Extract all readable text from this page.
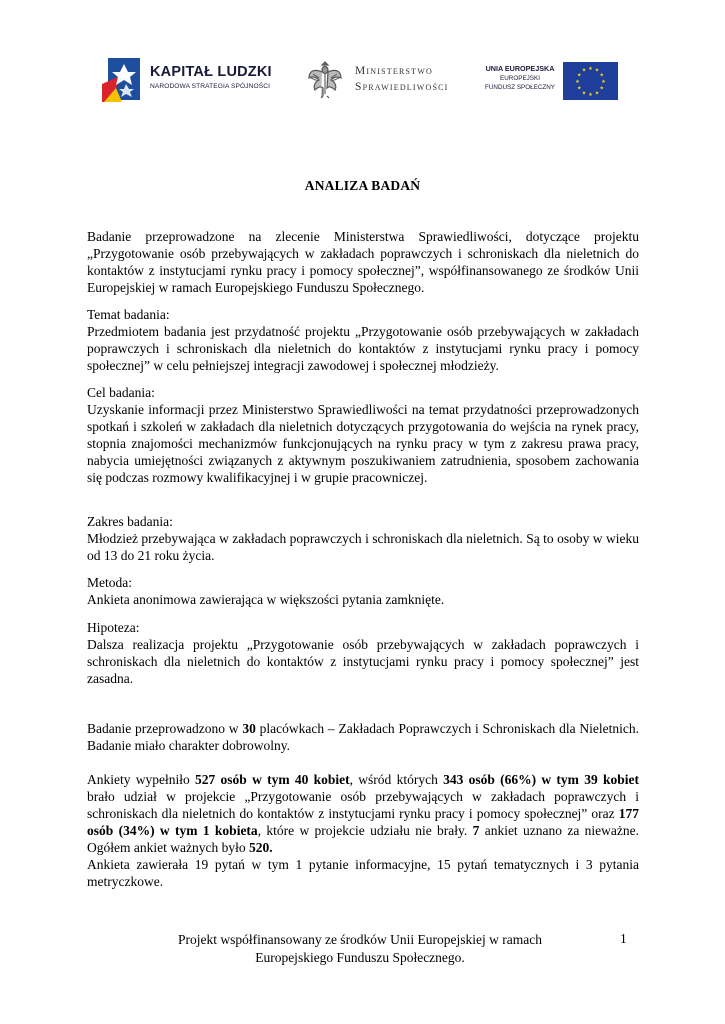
KAPITAŁ LUDZKI
NARODOWA STRATEGIA SPÓJNOŚCI
Ministerstwo
Sprawiedliwości
UNIA EUROPEJSKA
EUROPEJSKI
FUNDUSZ SPOŁECZNY
★ ★
★
★
★
★
★
★
★
★
★
★
ANALIZA BADAŃ

Badanie przeprowadzone na zlecenie Ministerstwa Sprawiedliwości, dotyczące projektu „Przygotowanie osób przebywających w zakładach poprawczych i schroniskach dla nieletnich do kontaktów z instytucjami rynku pracy i pomocy społecznej”, współfinansowanego ze środków Unii Europejskiej w ramach Europejskiego Funduszu Społecznego.

Temat badania:

Przedmiotem badania jest przydatność projektu „Przygotowanie osób przebywających w zakładach poprawczych i schroniskach dla nieletnich do kontaktów z instytucjami rynku pracy i pomocy społecznej” w celu pełniejszej integracji zawodowej i społecznej młodzieży.

Cel badania:

Uzyskanie informacji przez Ministerstwo Sprawiedliwości na temat przydatności przeprowadzonych spotkań i szkoleń w zakładach dla nieletnich dotyczących przygotowania do wejścia na rynek pracy, stopnia znajomości mechanizmów funkcjonujących na rynku pracy w tym z zakresu prawa pracy, nabycia umiejętności związanych z aktywnym poszukiwaniem zatrudnienia, sposobem zachowania się podczas rozmowy kwalifikacyjnej i w grupie pracowniczej.

Zakres badania:

Młodzież przebywająca w zakładach poprawczych i schroniskach dla nieletnich. Są to osoby w wieku od 13 do 21 roku życia.

Metoda:

Ankieta anonimowa zawierająca w większości pytania zamknięte.

Hipoteza:

Dalsza realizacja projektu „Przygotowanie osób przebywających w zakładach poprawczych i schroniskach dla nieletnich do kontaktów z instytucjami rynku pracy i pomocy społecznej” jest zasadna.

Badanie przeprowadzono w 30 placówkach – Zakładach Poprawczych i Schroniskach dla Nieletnich. Badanie miało charakter dobrowolny.

Ankiety wypełniło 527 osób w tym 40 kobiet, wśród których 343 osób (66%) w tym 39 kobiet brało udział w projekcie „Przygotowanie osób przebywających w zakładach poprawczych i schroniskach dla nieletnich do kontaktów z instytucjami rynku pracy i pomocy społecznej” oraz 177 osób (34%) w tym 1 kobieta, które w projekcie udziału nie brały. 7 ankiet uznano za nieważne. Ogółem ankiet ważnych było 520.

Ankieta zawierała 19 pytań w tym 1 pytanie informacyjne, 15 pytań tematycznych i 3 pytania metryczkowe.

Projekt współfinansowany ze środków Unii Europejskiej w ramach
Europejskiego Funduszu Społecznego.
1
